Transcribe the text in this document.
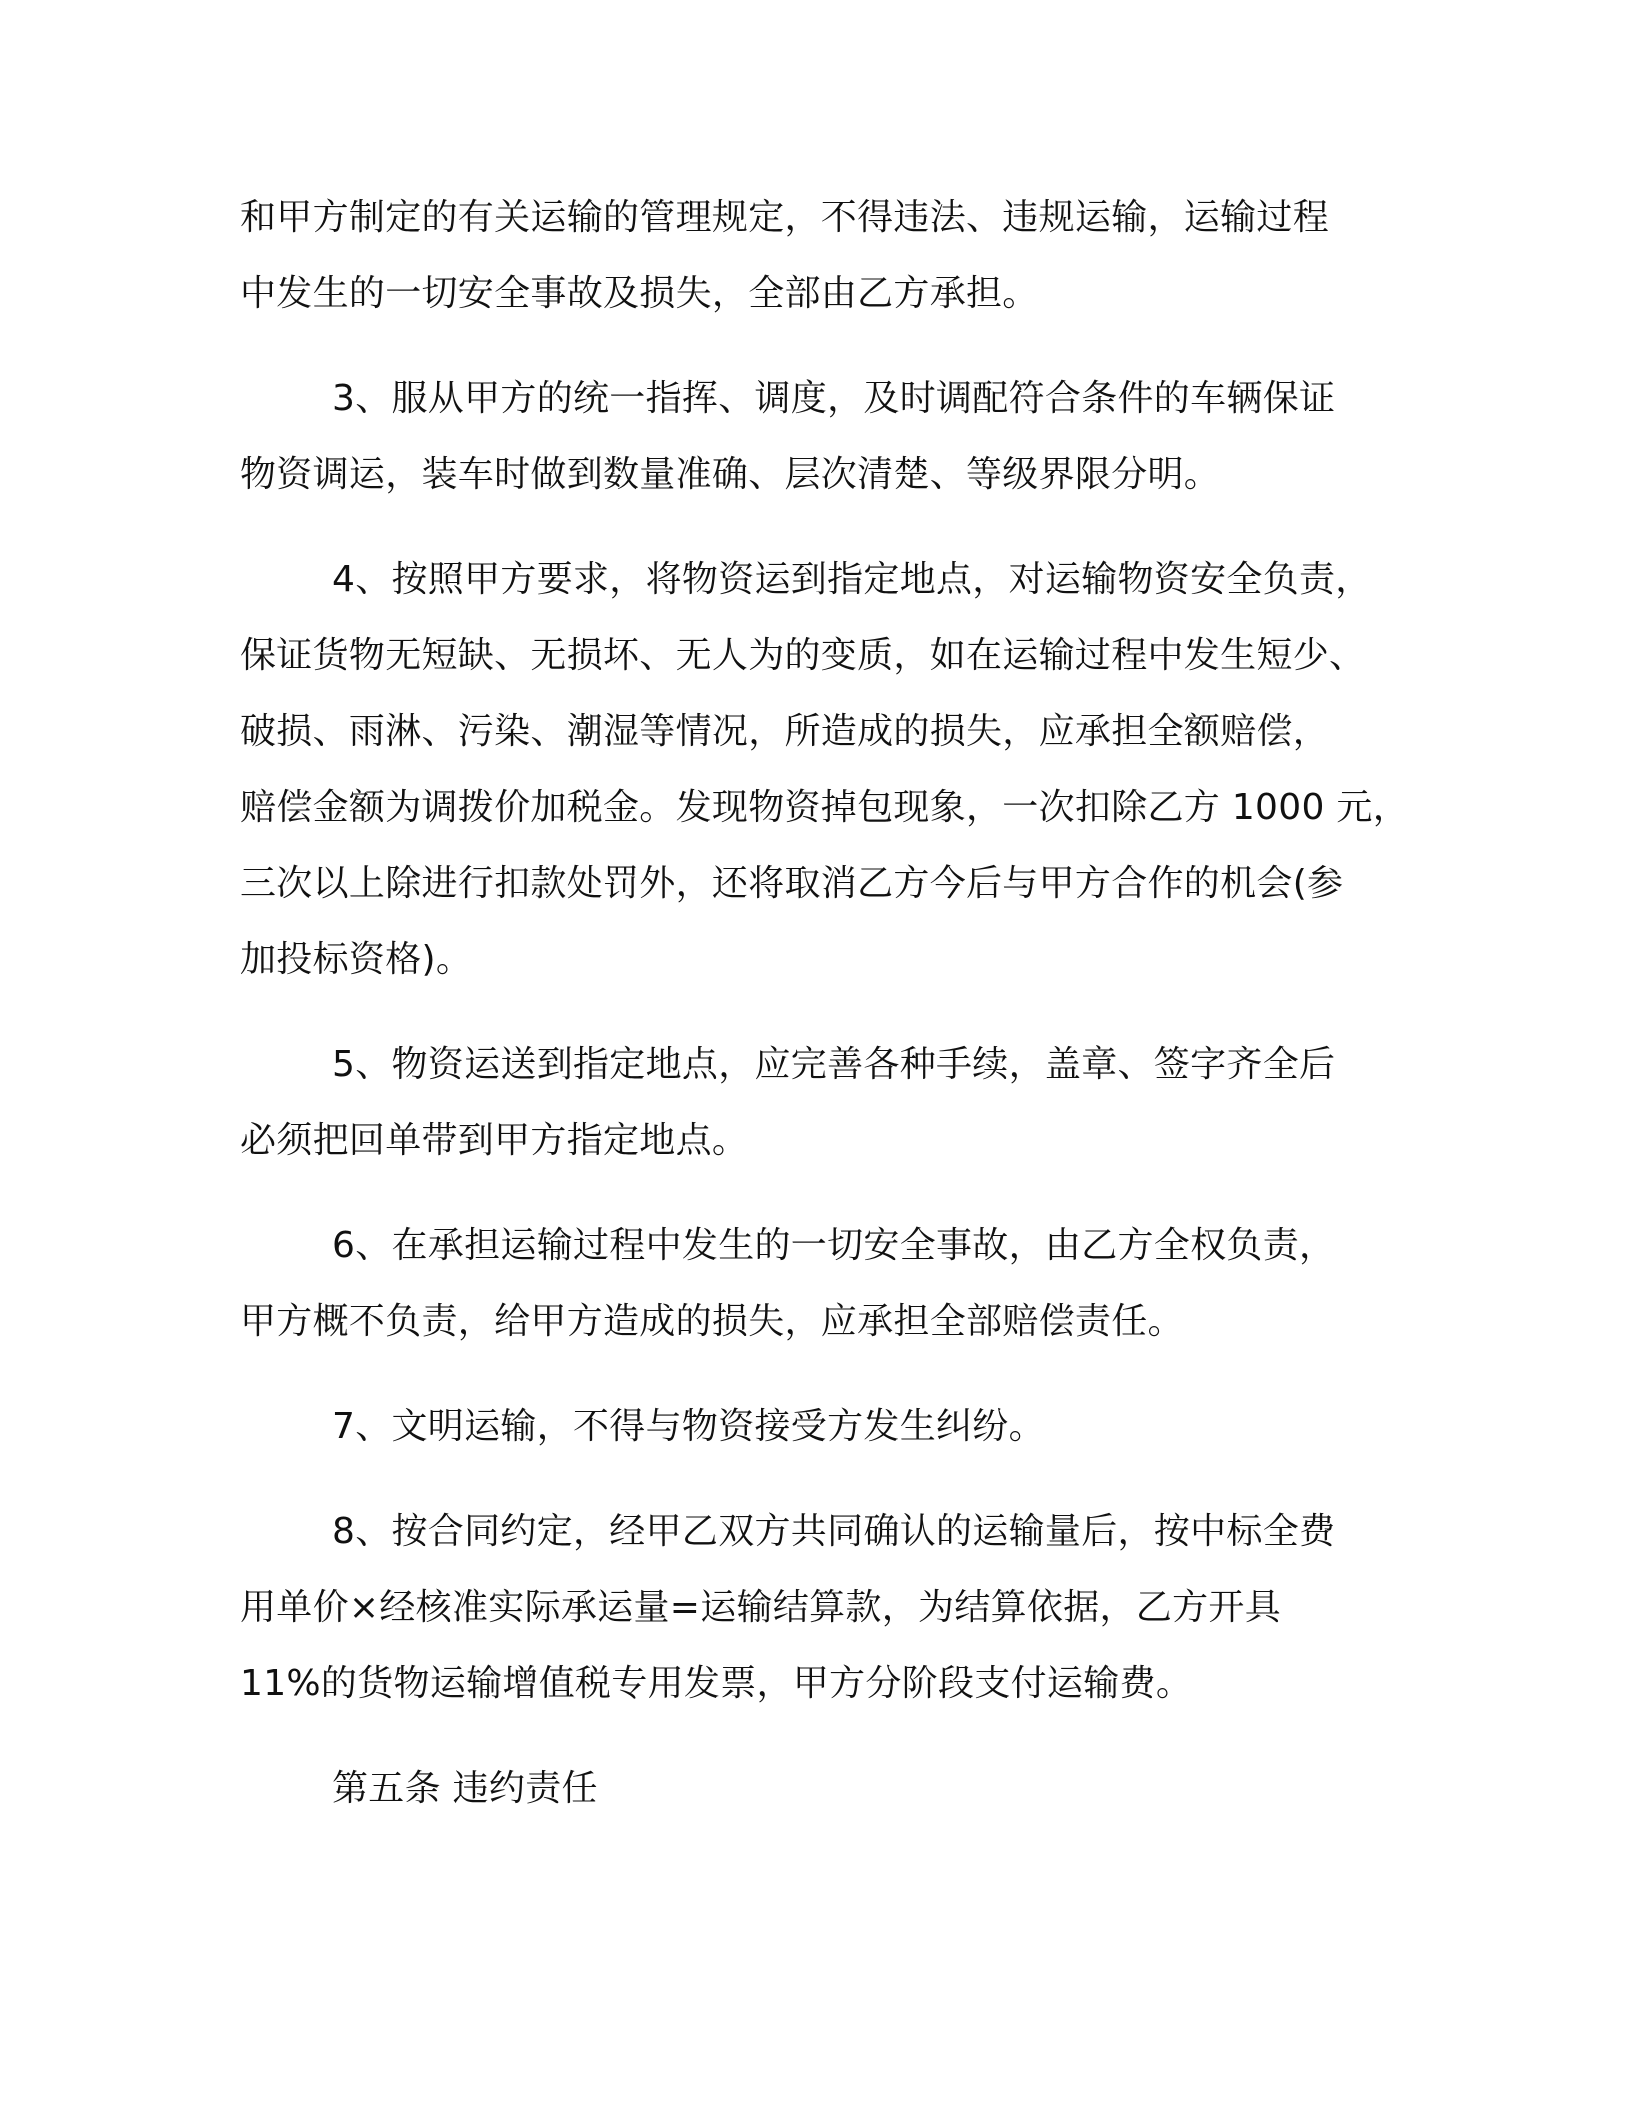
和甲方制定的有关运输的管理规定，不得违法、违规运输，运输过程
中发生的一切安全事故及损失，全部由乙方承担。
3、服从甲方的统一指挥、调度，及时调配符合条件的车辆保证
物资调运，装车时做到数量准确、层次清楚、等级界限分明。
4、按照甲方要求，将物资运到指定地点，对运输物资安全负责，
保证货物无短缺、无损坏、无人为的变质，如在运输过程中发生短少、
破损、雨淋、污染、潮湿等情况，所造成的损失，应承担全额赔偿，
赔偿金额为调拨价加税金。发现物资掉包现象，一次扣除乙方 1000 元，
三次以上除进行扣款处罚外，还将取消乙方今后与甲方合作的机会(参
加投标资格)。
5、物资运送到指定地点，应完善各种手续，盖章、签字齐全后
必须把回单带到甲方指定地点。
6、在承担运输过程中发生的一切安全事故，由乙方全权负责，
甲方概不负责，给甲方造成的损失，应承担全部赔偿责任。
7、文明运输，不得与物资接受方发生纠纷。
8、按合同约定，经甲乙双方共同确认的运输量后，按中标全费
用单价×经核准实际承运量=运输结算款，为结算依据，乙方开具
11%的货物运输增值税专用发票，甲方分阶段支付运输费。
第五条 违约责任
